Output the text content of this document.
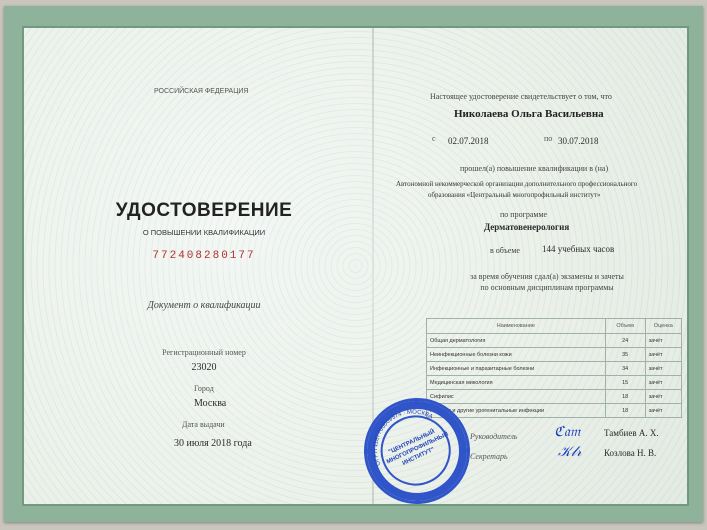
РОССИЙСКАЯ ФЕДЕРАЦИЯ
УДОСТОВЕРЕНИЕ
О ПОВЫШЕНИИ КВАЛИФИКАЦИИ
772408280177
Документ о квалификации
Регистрационный номер
23020
Город
Москва
Дата выдачи
30 июля 2018 года
Настоящее удостоверение свидетельствует о том, что
Николаева Ольга Васильевна
с 02.07.2018	по 30.07.2018
прошел(а) повышение квалификации в (на)
Автономной некоммерческой организации дополнительного профессионального
образования «Центральный многопрофильный институт»
по программе
Дерматовенерология
в объеме 144 учебных часов
за время обучения сдал(а) экзамены и зачеты
по основным дисциплинам программы
Наименование	Объем	Оценка
Общая дерматология	24	зачёт
Неинфекционные болезни кожи	35	зачёт
Инфекционные и паразитарные болезни	34	зачёт
Медицинская микология	15	зачёт
Сифилис	18	зачёт
Гонорея и другие урогенитальные инфекции	18	зачёт
Руководитель	ℭ𝔞𝔪	Тамбиев А. Х.
Секретарь	𝒦𝓁𝓇	Козлова Н. В.
ОГРН 1187700009574 · МОСКВА
"ЦЕНТРАЛЬНЫЙ МНОГОПРОФИЛЬНЫЙ ИНСТИТУТ"
